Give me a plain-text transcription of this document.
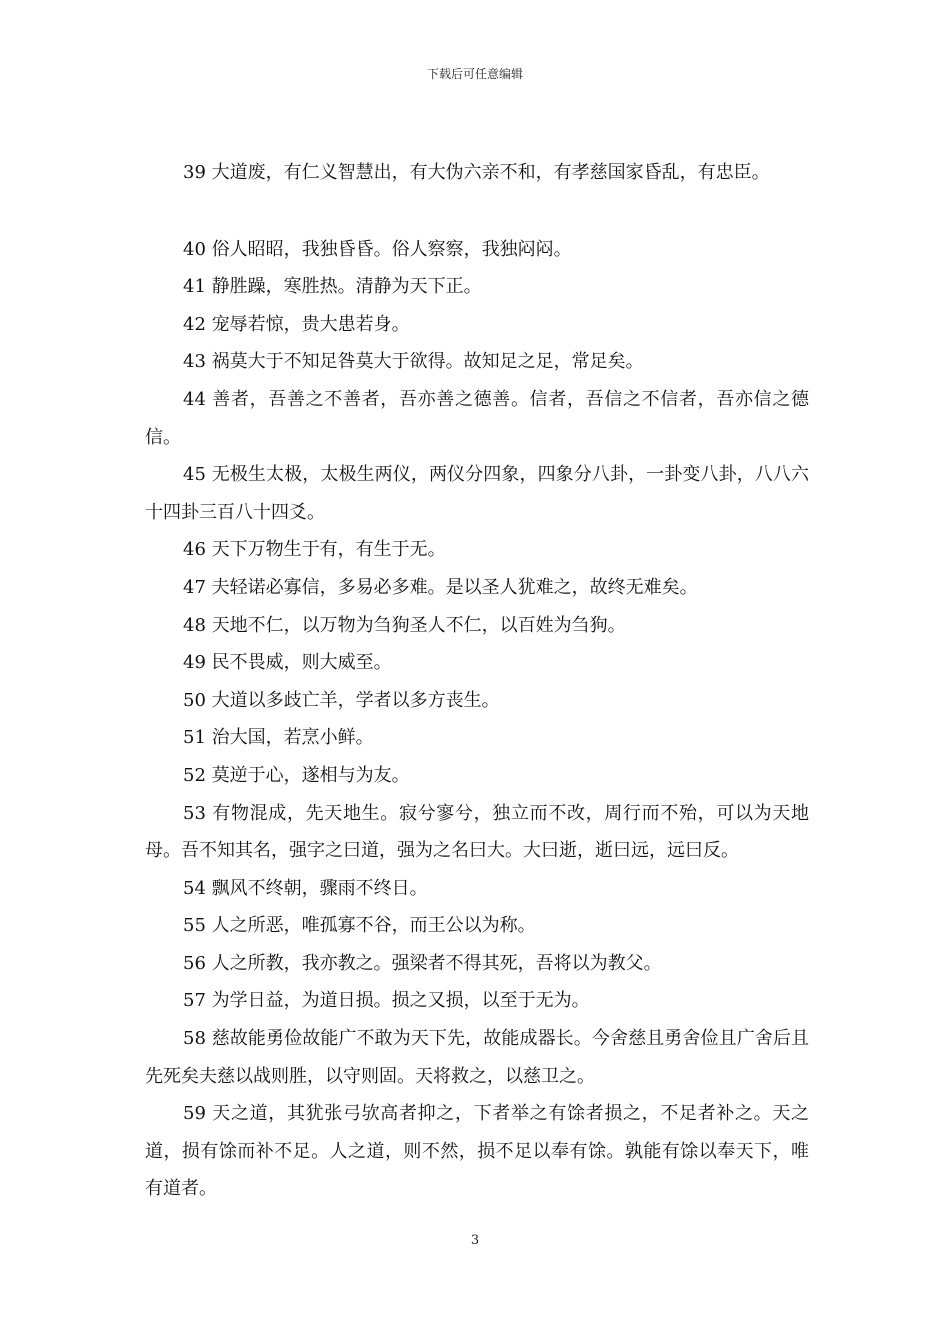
下载后可任意编辑

39 大道废，有仁义智慧出，有大伪六亲不和，有孝慈国家昏乱，有忠臣。

40 俗人昭昭，我独昏昏。俗人察察，我独闷闷。

41 静胜躁，寒胜热。清静为天下正。

42 宠辱若惊，贵大患若身。

43 祸莫大于不知足咎莫大于欲得。故知足之足，常足矣。

44 善者，吾善之不善者，吾亦善之德善。信者，吾信之不信者，吾亦信之德信。

45 无极生太极，太极生两仪，两仪分四象，四象分八卦，一卦变八卦，八八六十四卦三百八十四爻。

46 天下万物生于有，有生于无。

47 夫轻诺必寡信，多易必多难。是以圣人犹难之，故终无难矣。

48 天地不仁，以万物为刍狗圣人不仁，以百姓为刍狗。

49 民不畏威，则大威至。

50 大道以多歧亡羊，学者以多方丧生。

51 治大国，若烹小鲜。

52 莫逆于心，遂相与为友。

53 有物混成，先天地生。寂兮寥兮，独立而不改，周行而不殆，可以为天地母。吾不知其名，强字之曰道，强为之名曰大。大曰逝，逝曰远，远曰反。

54 飘风不终朝，骤雨不终日。

55 人之所恶，唯孤寡不谷，而王公以为称。

56 人之所教，我亦教之。强梁者不得其死，吾将以为教父。

57 为学日益，为道日损。损之又损，以至于无为。

58 慈故能勇俭故能广不敢为天下先，故能成器长。今舍慈且勇舍俭且广舍后且先死矣夫慈以战则胜，以守则固。天将救之，以慈卫之。

59 天之道，其犹张弓欤高者抑之，下者举之有馀者损之，不足者补之。天之道，损有馀而补不足。人之道，则不然，损不足以奉有馀。孰能有馀以奉天下，唯有道者。

3
